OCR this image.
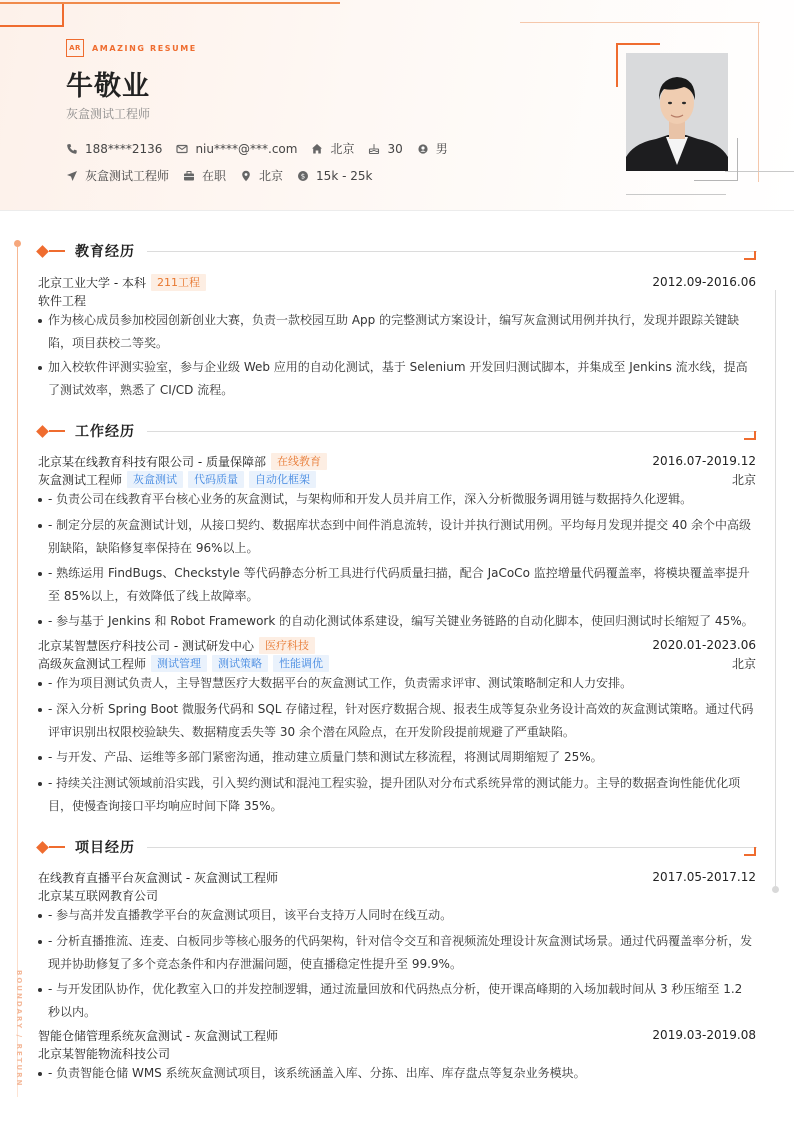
AR	AMAZING RESUME
牛敬业
灰盒测试工程师
188****2136	niu****@***.com	北京	30	男
灰盒测试工程师	在职	北京	$ 15k - 25k
BOUNDARY / RETURN
教育经历
北京工业大学 - 本科	211工程	2012.09-2016.06
软件工程
作为核心成员参加校园创新创业大赛，负责一款校园互助 App 的完整测试方案设计，编写灰盒测试用例并执行，发现并跟踪关键缺陷，项目获校二等奖。
加入校软件评测实验室，参与企业级 Web 应用的自动化测试，基于 Selenium 开发回归测试脚本，并集成至 Jenkins 流水线，提高了测试效率，熟悉了 CI/CD 流程。
工作经历
北京某在线教育科技有限公司 - 质量保障部	在线教育	2016.07-2019.12
灰盒测试工程师	灰盒测试	代码质量	自动化框架	北京
- 负责公司在线教育平台核心业务的灰盒测试，与架构师和开发人员并肩工作，深入分析微服务调用链与数据持久化逻辑。
- 制定分层的灰盒测试计划，从接口契约、数据库状态到中间件消息流转，设计并执行测试用例。平均每月发现并提交 40 余个中高级别缺陷，缺陷修复率保持在 96%以上。
- 熟练运用 FindBugs、Checkstyle 等代码静态分析工具进行代码质量扫描，配合 JaCoCo 监控增量代码覆盖率，将模块覆盖率提升至 85%以上，有效降低了线上故障率。
- 参与基于 Jenkins 和 Robot Framework 的自动化测试体系建设，编写关键业务链路的自动化脚本，使回归测试时长缩短了 45%。
北京某智慧医疗科技公司 - 测试研发中心	医疗科技	2020.01-2023.06
高级灰盒测试工程师	测试管理	测试策略	性能调优	北京
- 作为项目测试负责人，主导智慧医疗大数据平台的灰盒测试工作，负责需求评审、测试策略制定和人力安排。
- 深入分析 Spring Boot 微服务代码和 SQL 存储过程，针对医疗数据合规、报表生成等复杂业务设计高效的灰盒测试策略。通过代码评审识别出权限校验缺失、数据精度丢失等 30 余个潜在风险点，在开发阶段提前规避了严重缺陷。
- 与开发、产品、运维等多部门紧密沟通，推动建立质量门禁和测试左移流程，将测试周期缩短了 25%。
- 持续关注测试领域前沿实践，引入契约测试和混沌工程实验，提升团队对分布式系统异常的测试能力。主导的数据查询性能优化项目，使慢查询接口平均响应时间下降 35%。
项目经历
在线教育直播平台灰盒测试 - 灰盒测试工程师	2017.05-2017.12
北京某互联网教育公司
- 参与高并发直播教学平台的灰盒测试项目，该平台支持万人同时在线互动。
- 分析直播推流、连麦、白板同步等核心服务的代码架构，针对信令交互和音视频流处理设计灰盒测试场景。通过代码覆盖率分析，发现并协助修复了多个竞态条件和内存泄漏问题，使直播稳定性提升至 99.9%。
- 与开发团队协作，优化教室入口的并发控制逻辑，通过流量回放和代码热点分析，使开课高峰期的入场加载时间从 3 秒压缩至 1.2 秒以内。
智能仓储管理系统灰盒测试 - 灰盒测试工程师	2019.03-2019.08
北京某智能物流科技公司
- 负责智能仓储 WMS 系统灰盒测试项目，该系统涵盖入库、分拣、出库、库存盘点等复杂业务模块。
